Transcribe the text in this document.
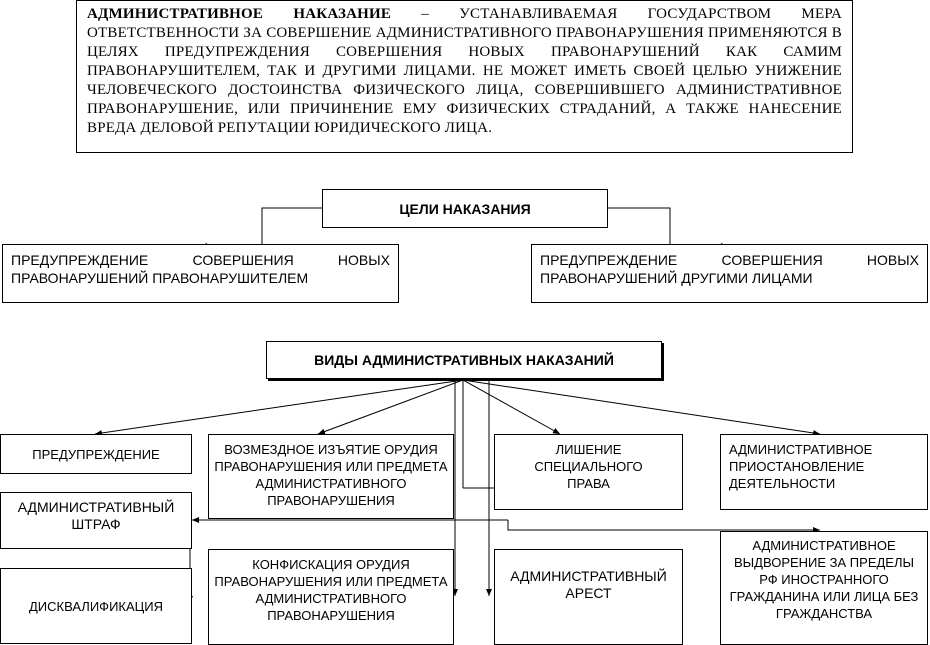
АДМИНИСТРАТИВНОЕ НАКАЗАНИЕ – УСТАНАВЛИВАЕМАЯ ГОСУДАРСТВОМ МЕРА ОТВЕТСТВЕННОСТИ ЗА СОВЕРШЕНИЕ АДМИНИСТРАТИВНОГО ПРАВОНАРУШЕНИЯ ПРИМЕНЯЮТСЯ В ЦЕЛЯХ ПРЕДУПРЕЖДЕНИЯ СОВЕРШЕНИЯ НОВЫХ ПРАВОНАРУШЕНИЙ КАК САМИМ ПРАВОНАРУШИТЕЛЕМ, ТАК И ДРУГИМИ ЛИЦАМИ. НЕ МОЖЕТ ИМЕТЬ СВОЕЙ ЦЕЛЬЮ УНИЖЕНИЕ ЧЕЛОВЕЧЕСКОГО ДОСТОИНСТВА ФИЗИЧЕСКОГО ЛИЦА, СОВЕРШИВШЕГО АДМИНИСТРАТИВНОЕ ПРАВОНАРУШЕНИЕ, ИЛИ ПРИЧИНЕНИЕ ЕМУ ФИЗИЧЕСКИХ СТРАДАНИЙ, А ТАКЖЕ НАНЕСЕНИЕ ВРЕДА ДЕЛОВОЙ РЕПУТАЦИИ ЮРИДИЧЕСКОГО ЛИЦА.
ЦЕЛИ НАКАЗАНИЯ
ПРЕДУПРЕЖДЕНИЕ СОВЕРШЕНИЯ НОВЫХ ПРАВОНАРУШЕНИЙ ПРАВОНАРУШИТЕЛЕМ
ПРЕДУПРЕЖДЕНИЕ СОВЕРШЕНИЯ НОВЫХ ПРАВОНАРУШЕНИЙ ДРУГИМИ ЛИЦАМИ
ВИДЫ АДМИНИСТРАТИВНЫХ НАКАЗАНИЙ
ПРЕДУПРЕЖДЕНИЕ	ВОЗМЕЗДНОЕ ИЗЪЯТИЕ ОРУДИЯ ПРАВОНАРУШЕНИЯ ИЛИ ПРЕДМЕТА АДМИНИСТРАТИВНОГО ПРАВОНАРУШЕНИЯ
ЛИШЕНИЕ СПЕЦИАЛЬНОГО ПРАВА
АДМИНИСТРАТИВНОЕ ПРИОСТАНОВЛЕНИЕ ДЕЯТЕЛЬНОСТИ
АДМИНИСТРАТИВНЫЙ ШТРАФ
ДИСКВАЛИФИКАЦИЯ
КОНФИСКАЦИЯ ОРУДИЯ ПРАВОНАРУШЕНИЯ ИЛИ ПРЕДМЕТА АДМИНИСТРАТИВНОГО ПРАВОНАРУШЕНИЯ
АДМИНИСТРАТИВНЫЙ АРЕСТ
АДМИНИСТРАТИВНОЕ ВЫДВОРЕНИЕ ЗА ПРЕДЕЛЫ РФ ИНОСТРАННОГО ГРАЖДАНИНА ИЛИ ЛИЦА БЕЗ ГРАЖДАНСТВА
